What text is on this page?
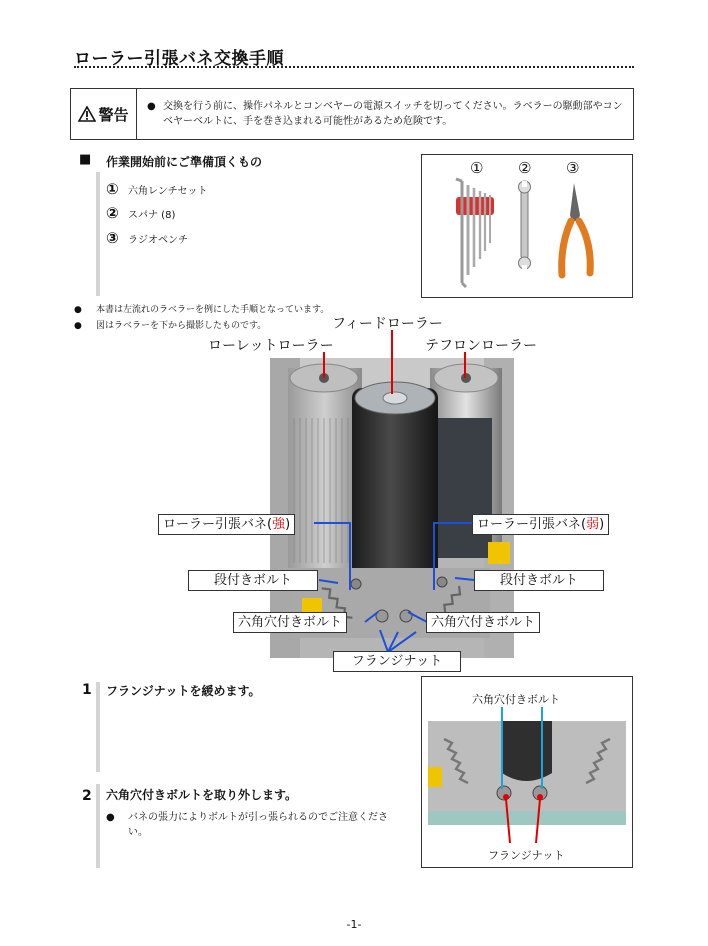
ローラー引張バネ交換手順
警告 ● 交換を行う前に、操作パネルとコンベヤーの電源スイッチを切ってください。ラベラーの駆動部やコンベヤーベルトに、手を巻き込まれる可能性があるため危険です。
■ 作業開始前にご準備頂くもの
① 六角レンチセット
② スパナ (8)
③ ラジオペンチ
① ② ③
● 本書は左流れのラベラーを例にした手順となっています。
● 図はラベラーを下から撮影したものです。	フィードローラー
ローレットローラー	テフロンローラー
ローラー引張バネ(強)	ローラー引張バネ(弱)
段付きボルト	段付きボルト
六角穴付きボルト	六角穴付きボルト
フランジナット
1 フランジナットを緩めます。
2 六角穴付きボルトを取り外します。
●	バネの張力によりボルトが引っ張られるのでご注意ください。
六角穴付きボルト
フランジナット
-1-
